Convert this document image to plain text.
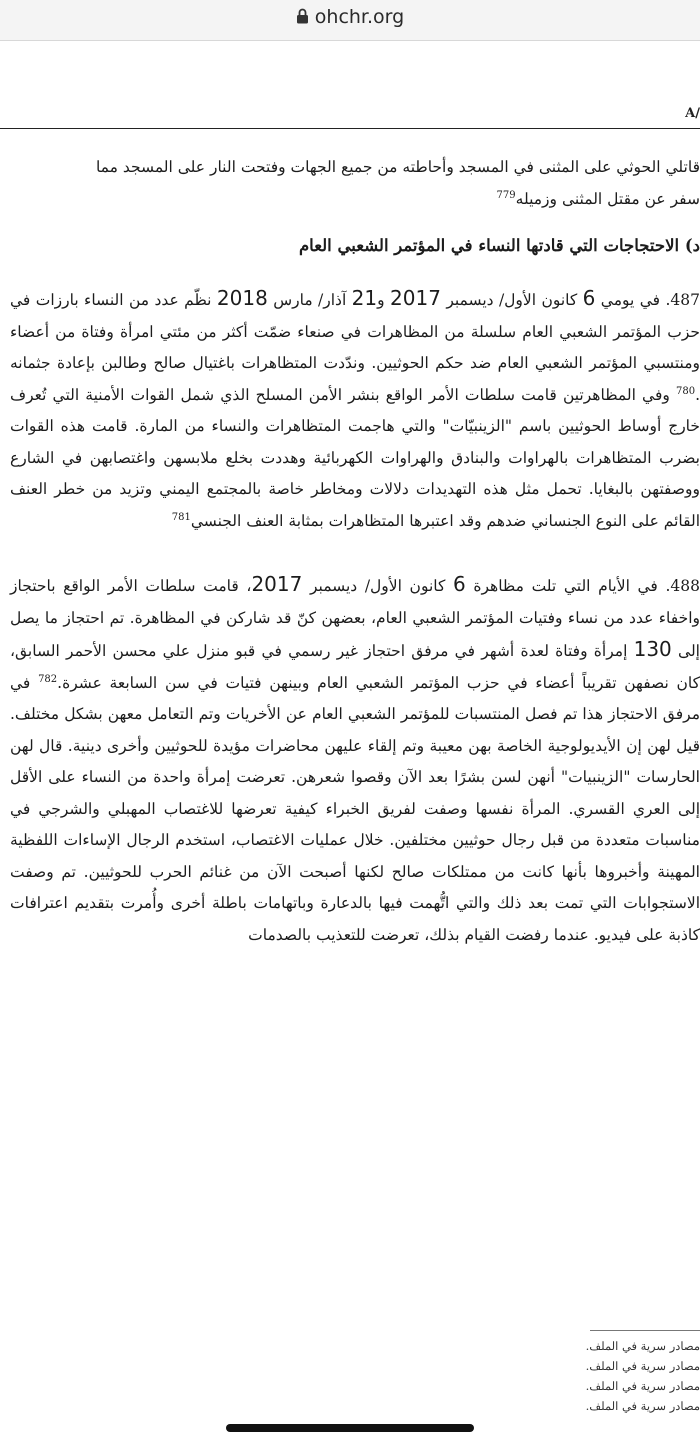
ohchr.org
A/

قاتلي الحوثي على المثنى في المسجد وأحاطته من جميع الجهات وفتحت النار على المسجد مما
سفر عن مقتل المثنى وزميله$^{779}$

د) الاحتجاجات التي قادتها النساء في المؤتمر الشعبي العام

487. في يومي 6 كانون الأول/ ديسمبر 2017 و21 آذار/ مارس 2018 نظّم عدد من النساء بارزات في حزب المؤتمر الشعبي العام سلسلة من المظاهرات في صنعاء ضمّت أكثر من مئتي امرأة وفتاة من أعضاء ومنتسبي المؤتمر الشعبي العام ضد حكم الحوثيين. وندّدت المتظاهرات باغتيال صالح وطالبن بإعادة جثمانه .$^{780}$ وفي المظاهرتين قامت سلطات الأمر الواقع بنشر الأمن المسلح الذي شمل القوات الأمنية التي تُعرف خارج أوساط الحوثيين باسم "الزينبيّات" والتي هاجمت المتظاهرات والنساء من المارة. قامت هذه القوات بضرب المتظاهرات بالهراوات والبنادق والهراوات الكهربائية وهددت بخلع ملابسهن واغتصابهن في الشارع ووصفتهن بالبغايا. تحمل مثل هذه التهديدات دلالات ومخاطر خاصة بالمجتمع اليمني وتزيد من خطر العنف القائم على النوع الجنساني ضدهم وقد اعتبرها المتظاهرات بمثابة العنف الجنسي$^{781}$

488. في الأيام التي تلت مظاهرة 6 كانون الأول/ ديسمبر 2017، قامت سلطات الأمر الواقع باحتجاز واخفاء عدد من نساء وفتيات المؤتمر الشعبي العام، بعضهن كنّ قد شاركن في المظاهرة. تم احتجاز ما يصل إلى 130 إمرأة وفتاة لعدة أشهر في مرفق احتجاز غير رسمي في قبو منزل علي محسن الأحمر السابق، كان نصفهن تقريباً أعضاء في حزب المؤتمر الشعبي العام وبينهن فتيات في سن السابعة عشرة.$^{782}$ في مرفق الاحتجاز هذا تم فصل المنتسبات للمؤتمر الشعبي العام عن الأخريات وتم التعامل معهن بشكل مختلف. قيل لهن إن الأيديولوجية الخاصة بهن معيبة وتم إلقاء عليهن محاضرات مؤيدة للحوثيين وأخرى دينية. قال لهن الحارسات "الزينبيات" أنهن لسن بشرًا بعد الآن وقصوا شعرهن. تعرضت إمرأة واحدة من النساء على الأقل إلى العري القسري. المرأة نفسها وصفت لفريق الخبراء كيفية تعرضها للاغتصاب المهبلي والشرجي في مناسبات متعددة من قبل رجال حوثيين مختلفين. خلال عمليات الاغتصاب، استخدم الرجال الإساءات اللفظية المهينة وأخبروها بأنها كانت من ممتلكات صالح لكنها أصبحت الآن من غنائم الحرب للحوثيين. تم وصفت الاستجوابات التي تمت بعد ذلك والتي اتُّهمت فيها بالدعارة وباتهامات باطلة أخرى وأُمرت بتقديم اعترافات كاذبة على فيديو. عندما رفضت القيام بذلك، تعرضت للتعذيب بالصدمات

مصادر سرية في الملف.
مصادر سرية في الملف.
مصادر سرية في الملف.
مصادر سرية في الملف.
